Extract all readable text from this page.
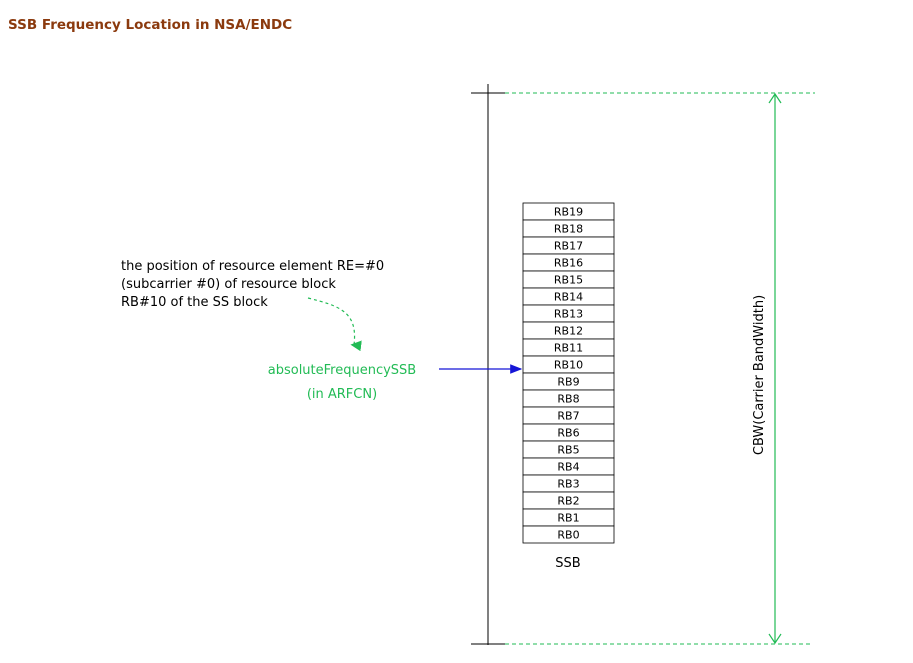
SSB Frequency Location in NSA/ENDC
CBW(Carrier BandWidth)
RB19
RB18
RB17
RB16
RB15
RB14
RB13
RB12
RB11
RB10
RB9
RB8
RB7
RB6
RB5
RB4
RB3
RB2
RB1
RB0
SSB
the position of resource element RE=#0
(subcarrier #0) of resource block
RB#10 of the SS block
absoluteFrequencySSB
(in ARFCN)
